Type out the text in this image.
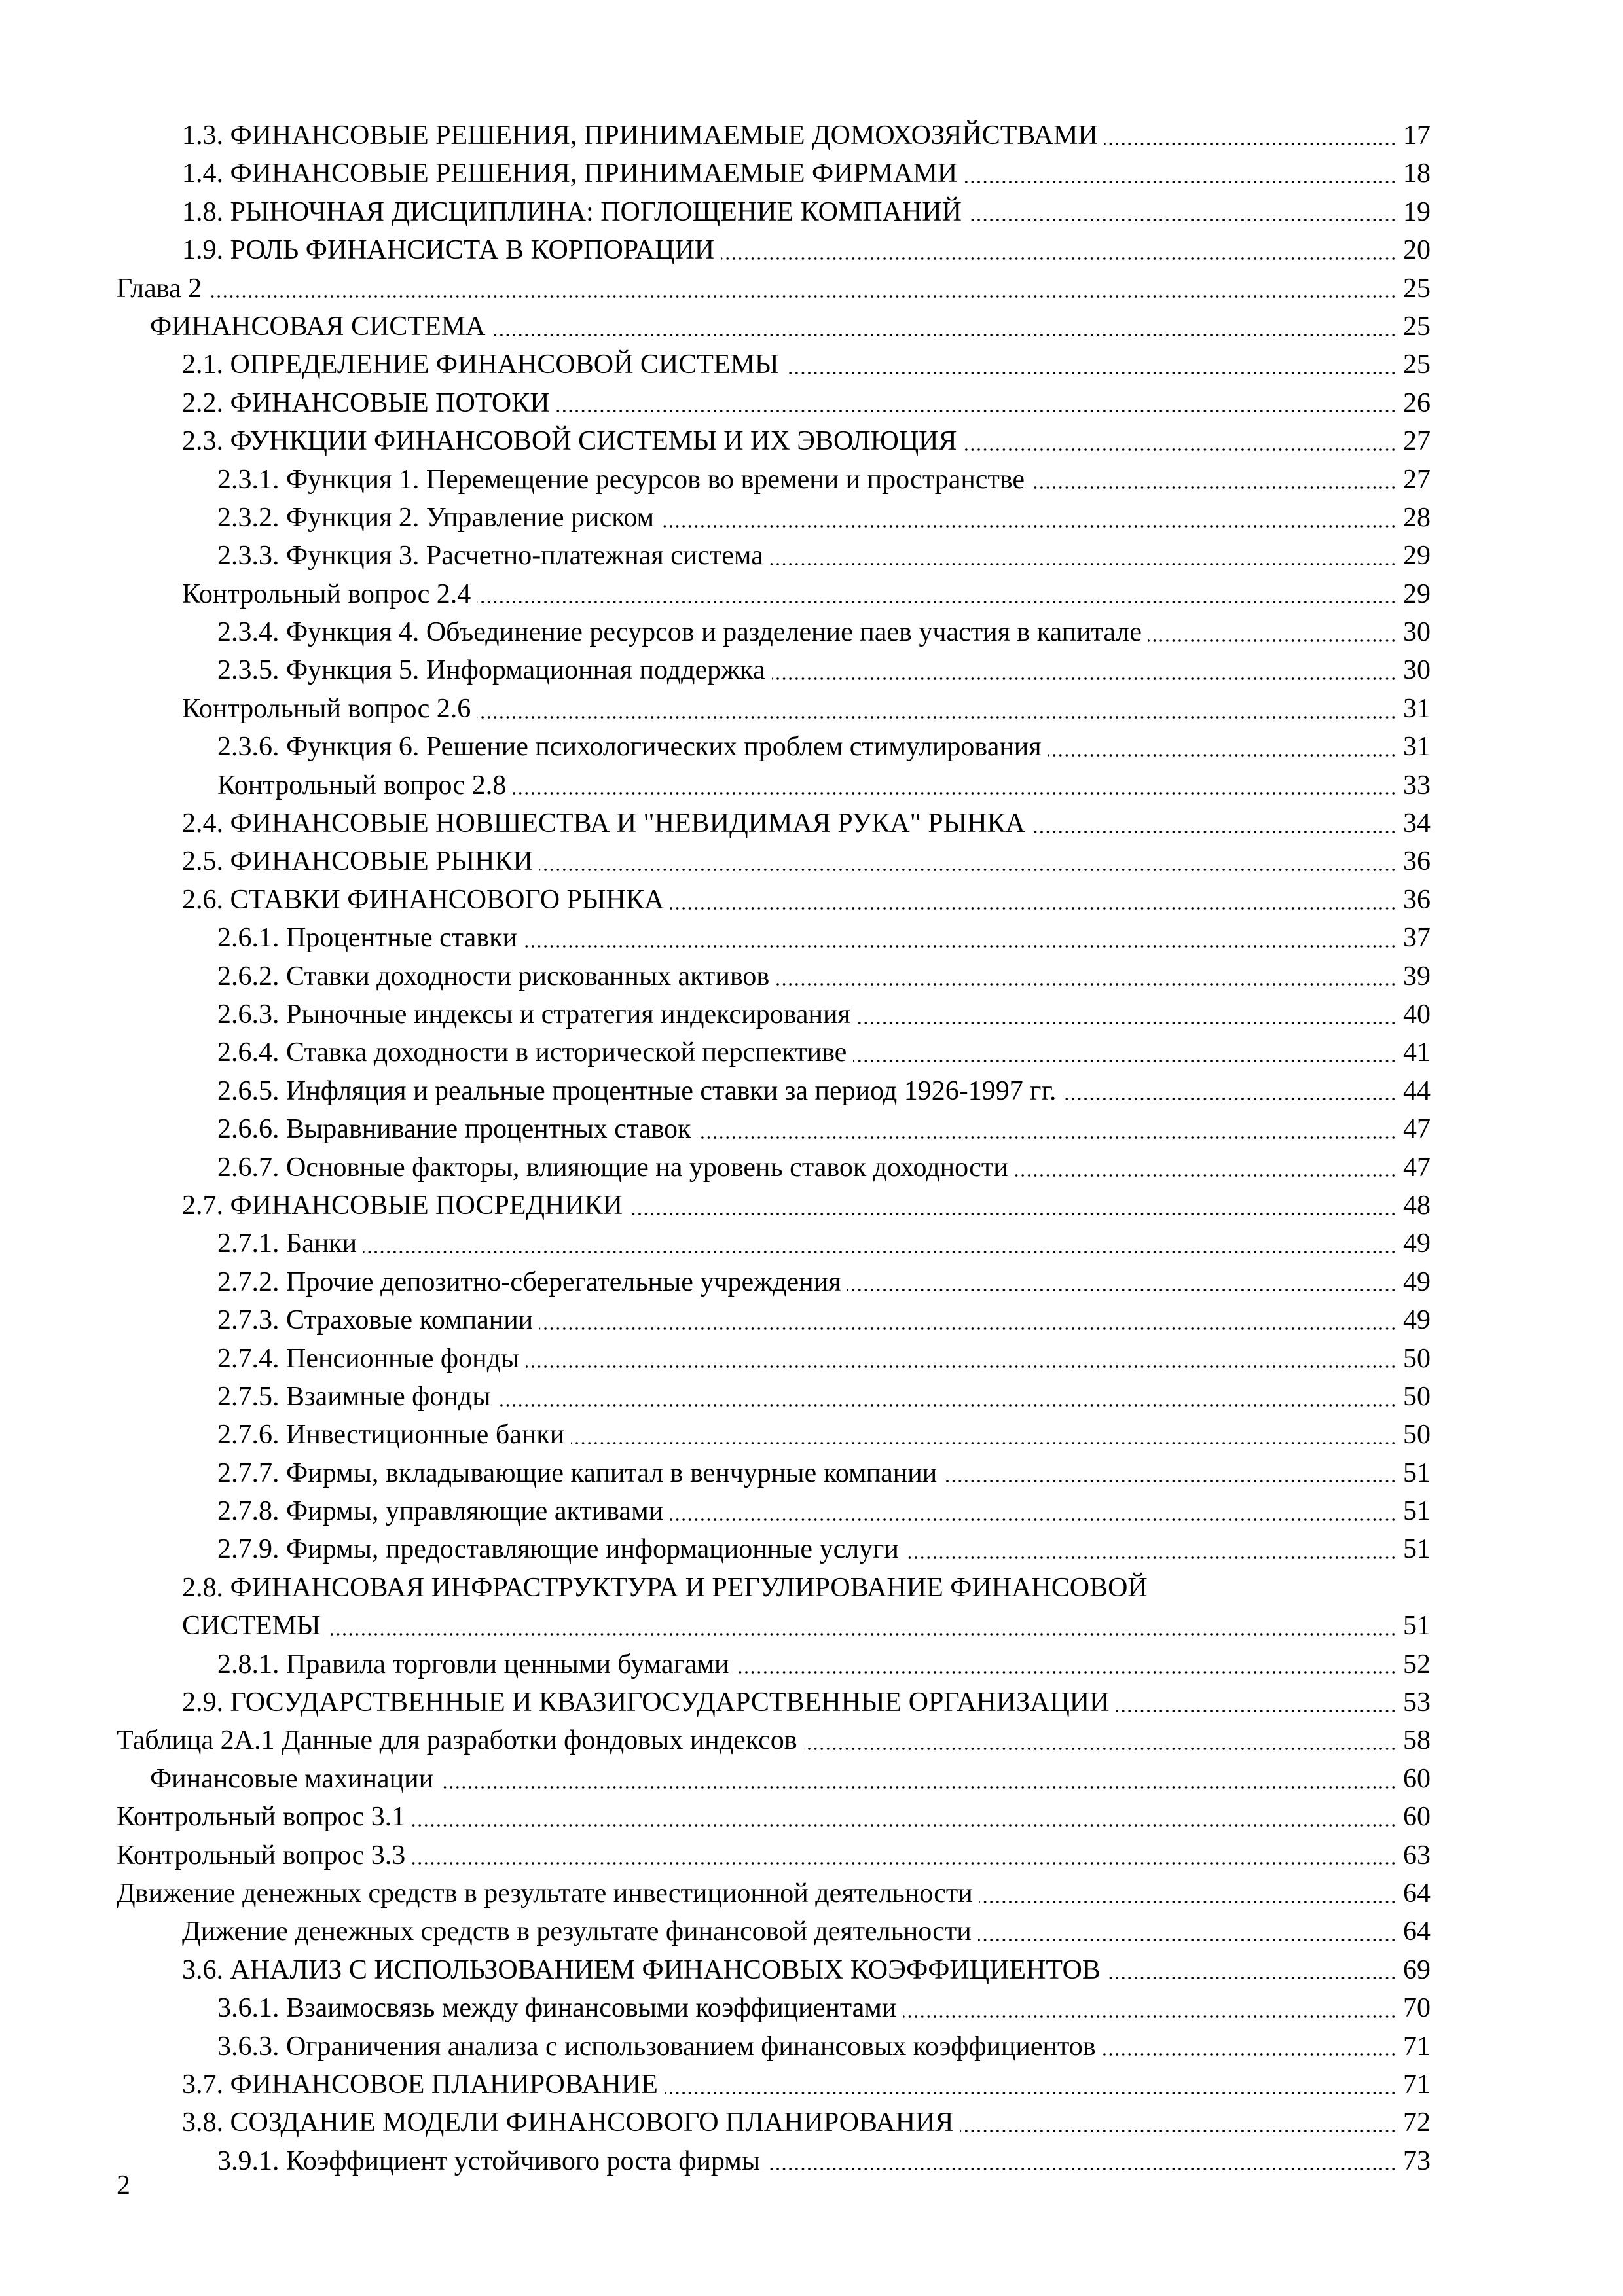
1.3. ФИНАНСОВЫЕ РЕШЕНИЯ, ПРИНИМАЕМЫЕ ДОМОХОЗЯЙСТВАМИ	17
1.4. ФИНАНСОВЫЕ РЕШЕНИЯ, ПРИНИМАЕМЫЕ ФИРМАМИ	18
1.8. РЫНОЧНАЯ ДИСЦИПЛИНА: ПОГЛОЩЕНИЕ КОМПАНИЙ	19
1.9. РОЛЬ ФИНАНСИСТА В КОРПОРАЦИИ	20
Глава 2	25
ФИНАНСОВАЯ СИСТЕМА	25
2.1. ОПРЕДЕЛЕНИЕ ФИНАНСОВОЙ СИСТЕМЫ	25
2.2. ФИНАНСОВЫЕ ПОТОКИ	26
2.3. ФУНКЦИИ ФИНАНСОВОЙ СИСТЕМЫ И ИХ ЭВОЛЮЦИЯ	27
2.3.1. Функция 1. Перемещение ресурсов во времени и пространстве	27
2.3.2. Функция 2. Управление риском	28
2.3.3. Функция 3. Расчетно-платежная система	29
Контрольный вопрос 2.4	29
2.3.4. Функция 4. Объединение ресурсов и разделение паев участия в капитале	30
2.3.5. Функция 5. Информационная поддержка	30
Контрольный вопрос 2.6	31
2.3.6. Функция 6. Решение психологических проблем стимулирования	31
Контрольный вопрос 2.8	33
2.4. ФИНАНСОВЫЕ НОВШЕСТВА И "НЕВИДИМАЯ РУКА" РЫНКА	34
2.5. ФИНАНСОВЫЕ РЫНКИ	36
2.6. СТАВКИ ФИНАНСОВОГО РЫНКА	36
2.6.1. Процентные ставки	37
2.6.2. Ставки доходности рискованных активов	39
2.6.3. Рыночные индексы и стратегия индексирования	40
2.6.4. Ставка доходности в исторической перспективе	41
2.6.5. Инфляция и реальные процентные ставки за период 1926-1997 гг.	44
2.6.6. Выравнивание процентных ставок	47
2.6.7. Основные факторы, влияющие на уровень ставок доходности	47
2.7. ФИНАНСОВЫЕ ПОСРЕДНИКИ	48
2.7.1. Банки	49
2.7.2. Прочие депозитно-сберегательные учреждения	49
2.7.3. Страховые компании	49
2.7.4. Пенсионные фонды	50
2.7.5. Взаимные фонды	50
2.7.6. Инвестиционные банки	50
2.7.7. Фирмы, вкладывающие капитал в венчурные компании	51
2.7.8. Фирмы, управляющие активами	51
2.7.9. Фирмы, предоставляющие информационные услуги	51
2.8. ФИНАНСОВАЯ ИНФРАСТРУКТУРА И РЕГУЛИРОВАНИЕ ФИНАНСОВОЙ
СИСТЕМЫ	51
2.8.1. Правила торговли ценными бумагами	52
2.9. ГОСУДАРСТВЕННЫЕ И КВАЗИГОСУДАРСТВЕННЫЕ ОРГАНИЗАЦИИ	53
Таблица 2А.1 Данные для разработки фондовых индексов	58
Финансовые махинации	60
Контрольный вопрос 3.1	60
Контрольный вопрос 3.3	63
Движение денежных средств в результате инвестиционной деятельности	64
Дижение денежных средств в результате финансовой деятельности	64
3.6. АНАЛИЗ С ИСПОЛЬЗОВАНИЕМ ФИНАНСОВЫХ КОЭФФИЦИЕНТОВ	69
3.6.1. Взаимосвязь между финансовыми коэффициентами	70
3.6.3. Ограничения анализа с использованием финансовых коэффициентов	71
3.7. ФИНАНСОВОЕ ПЛАНИРОВАНИЕ	71
3.8. СОЗДАНИЕ МОДЕЛИ ФИНАНСОВОГО ПЛАНИРОВАНИЯ	72
3.9.1. Коэффициент устойчивого роста фирмы	73
2
